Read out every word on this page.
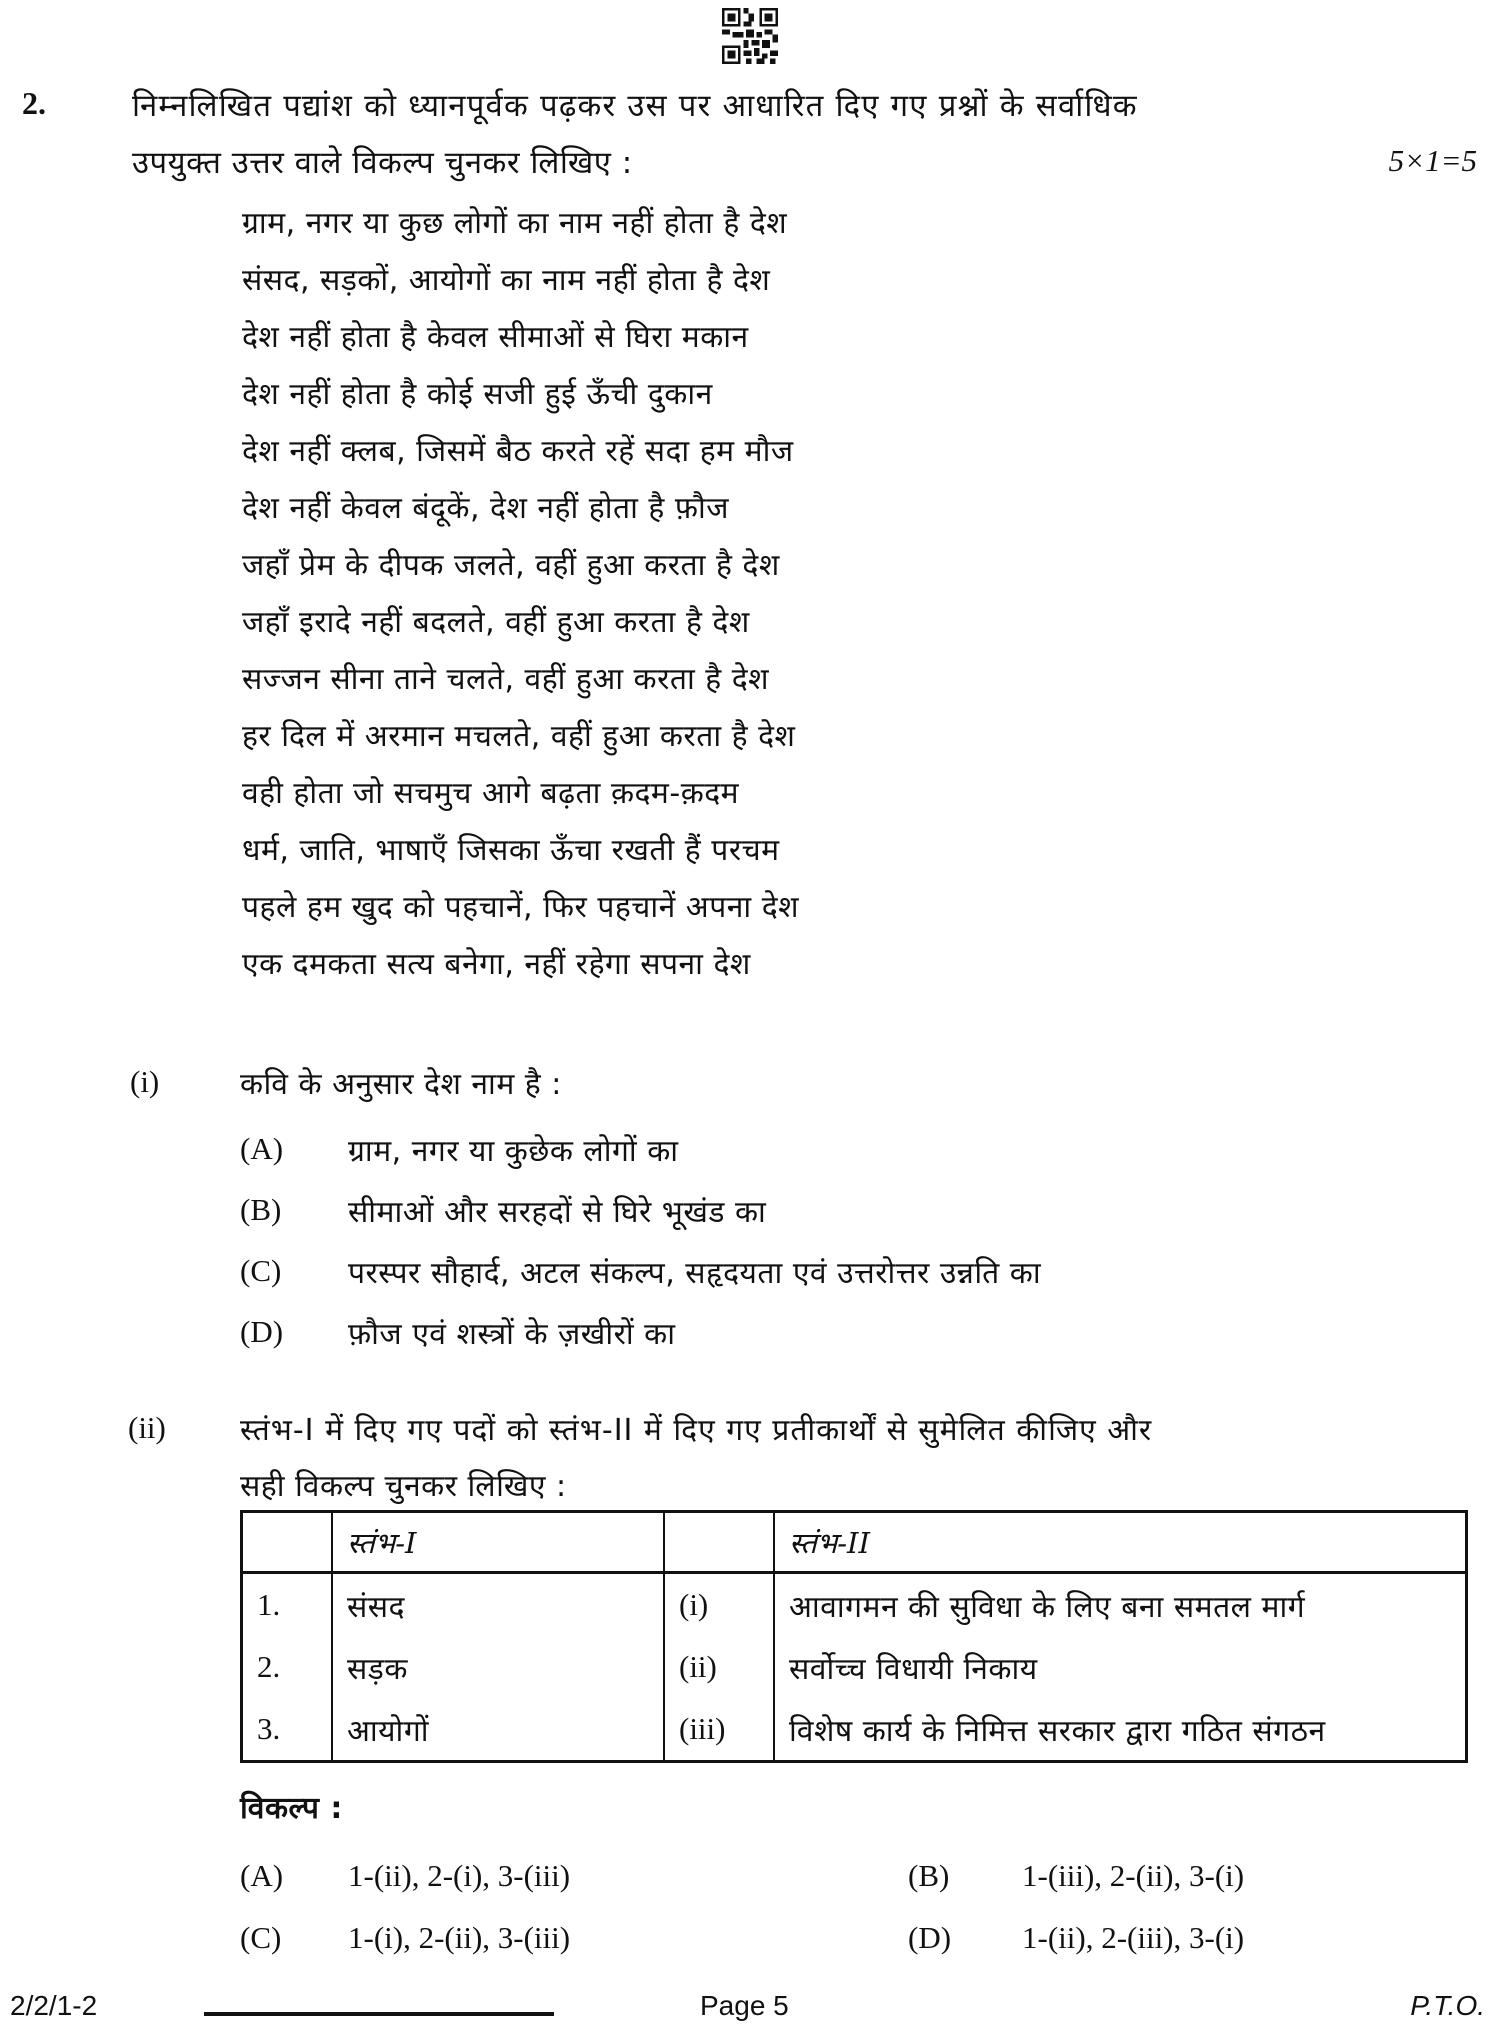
2.	निम्नलिखित पद्यांश को ध्यानपूर्वक पढ़कर उस पर आधारित दिए गए प्रश्नों के सर्वाधिक
उपयुक्त उत्तर वाले विकल्प चुनकर लिखिए :	5×1=5
ग्राम, नगर या कुछ लोगों का नाम नहीं होता है देश
संसद, सड़कों, आयोगों का नाम नहीं होता है देश
देश नहीं होता है केवल सीमाओं से घिरा मकान
देश नहीं होता है कोई सजी हुई ऊँची दुकान
देश नहीं क्लब, जिसमें बैठ करते रहें सदा हम मौज
देश नहीं केवल बंदूकें, देश नहीं होता है फ़ौज
जहाँ प्रेम के दीपक जलते, वहीं हुआ करता है देश
जहाँ इरादे नहीं बदलते, वहीं हुआ करता है देश
सज्जन सीना ताने चलते, वहीं हुआ करता है देश
हर दिल में अरमान मचलते, वहीं हुआ करता है देश
वही होता जो सचमुच आगे बढ़ता क़दम-क़दम
धर्म, जाति, भाषाएँ जिसका ऊँचा रखती हैं परचम
पहले हम खुद को पहचानें, फिर पहचानें अपना देश
एक दमकता सत्य बनेगा, नहीं रहेगा सपना देश
(i)	कवि के अनुसार देश नाम है :
(A) ग्राम, नगर या कुछेक लोगों का
(B) सीमाओं और सरहदों से घिरे भूखंड का
(C) परस्पर सौहार्द, अटल संकल्प, सहृदयता एवं उत्तरोत्तर उन्नति का
(D) फ़ौज एवं शस्त्रों के ज़खीरों का
(ii) स्तंभ-I में दिए गए पदों को स्तंभ-II में दिए गए प्रतीकार्थों से सुमेलित कीजिए और
सही विकल्प चुनकर लिखिए :
	स्तंभ-I		स्तंभ-II
1.	संसद	(i)	आवागमन की सुविधा के लिए बना समतल मार्ग
2.	सड़क	(ii)	सर्वोच्च विधायी निकाय
3.	आयोगों	(iii)	विशेष कार्य के निमित्त सरकार द्वारा गठित संगठन
विकल्प :
(A) 1-(ii), 2-(i), 3-(iii)	(B) 1-(iii), 2-(ii), 3-(i)
(C) 1-(i), 2-(ii), 3-(iii)	(D) 1-(ii), 2-(iii), 3-(i)
2/2/1-2	Page 5	P.T.O.
